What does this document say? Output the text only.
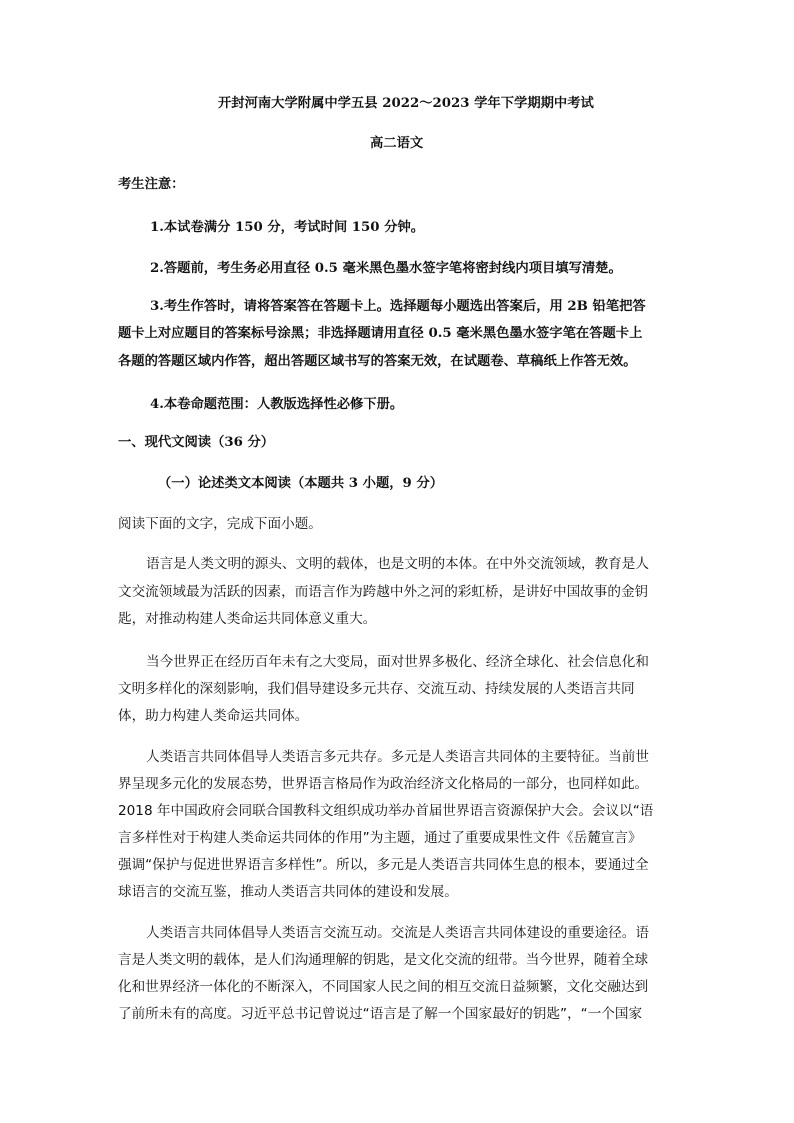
开封河南大学附属中学五县 2022～2023 学年下学期期中考试
高二语文
考生注意：
1.本试卷满分 150 分，考试时间 150 分钟。
2.答题前，考生务必用直径 0.5 毫米黑色墨水签字笔将密封线内项目填写清楚。
3.考生作答时，请将答案答在答题卡上。选择题每小题选出答案后，用 2B 铅笔把答
题卡上对应题目的答案标号涂黑；非选择题请用直径 0.5 毫米黑色墨水签字笔在答题卡上
各题的答题区域内作答，超出答题区域书写的答案无效，在试题卷、草稿纸上作答无效。
4.本卷命题范围：人教版选择性必修下册。
一、现代文阅读（36 分）
（一）论述类文本阅读（本题共 3 小题，9 分）
阅读下面的文字，完成下面小题。
语言是人类文明的源头、文明的载体，也是文明的本体。在中外交流领域，教育是人
文交流领域最为活跃的因素，而语言作为跨越中外之河的彩虹桥，是讲好中国故事的金钥
匙，对推动构建人类命运共同体意义重大。
当今世界正在经历百年未有之大变局，面对世界多极化、经济全球化、社会信息化和
文明多样化的深刻影响，我们倡导建设多元共存、交流互动、持续发展的人类语言共同
体，助力构建人类命运共同体。
人类语言共同体倡导人类语言多元共存。多元是人类语言共同体的主要特征。当前世
界呈现多元化的发展态势，世界语言格局作为政治经济文化格局的一部分，也同样如此。
2018 年中国政府会同联合国教科文组织成功举办首届世界语言资源保护大会。会议以“语
言多样性对于构建人类命运共同体的作用”为主题，通过了重要成果性文件《岳麓宣言》
强调“保护与促进世界语言多样性”。所以，多元是人类语言共同体生息的根本，要通过全
球语言的交流互鉴，推动人类语言共同体的建设和发展。
人类语言共同体倡导人类语言交流互动。交流是人类语言共同体建设的重要途径。语
言是人类文明的载体，是人们沟通理解的钥匙，是文化交流的纽带。当今世界，随着全球
化和世界经济一体化的不断深入，不同国家人民之间的相互交流日益频繁，文化交融达到
了前所未有的高度。习近平总书记曾说过“语言是了解一个国家最好的钥匙”，“一个国家
